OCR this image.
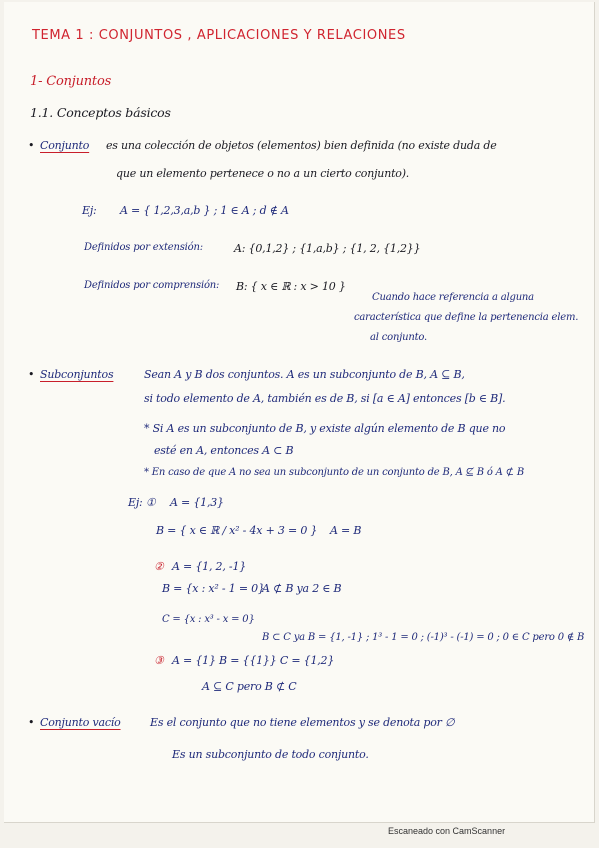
TEMA 1 : CONJUNTOS , APLICACIONES Y RELACIONES
1- Conjuntos
1.1. Conceptos básicos
• Conjunto es una colección de objetos (elementos) bien definida (no existe duda de
que un elemento pertenece o no a un cierto conjunto).
Ej: A = { 1,2,3,a,b } ; 1 ∈ A ; d ∉ A
Definidos por extensión:	A: {0,1,2} ; {1,a,b} ; {1, 2, {1,2}}
Definidos por comprensión: B: { x ∈ ℝ : x > 10 }
Cuando hace referencia a alguna
característica que define la pertenencia elem.
al conjunto.
• Subconjuntos	Sean A y B dos conjuntos. A es un subconjunto de B, A ⊆ B,
si todo elemento de A, también es de B, si [a ∈ A] entonces [b ∈ B].
* Si A es un subconjunto de B, y existe algún elemento de B que no
esté en A, entonces A ⊂ B
* En caso de que A no sea un subconjunto de un conjunto de B, A ⊈ B ó A ⊄ B
Ej: ① A = {1,3}
B = { x ∈ ℝ / x² - 4x + 3 = 0 } A = B
② A = {1, 2, -1}
B = {x : x² - 1 = 0}
A ⊄ B ya 2 ∈ B
C = {x : x³ - x = 0}
B ⊂ C ya B = {1, -1} ; 1³ - 1 = 0 ; (-1)³ - (-1) = 0 ; 0 ∈ C pero 0 ∉ B
③ A = {1} B = {{1}} C = {1,2}
A ⊆ C pero B ⊄ C
• Conjunto vacío	Es el conjunto que no tiene elementos y se denota por ∅
Es un subconjunto de todo conjunto.
Escaneado con CamScanner
